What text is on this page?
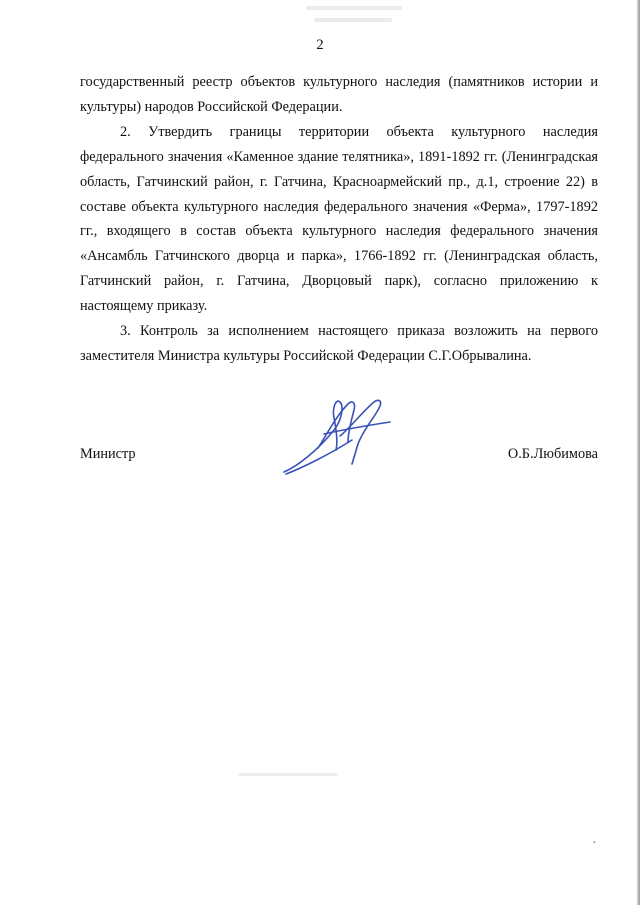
2

государственный реестр объектов культурного наследия (памятников истории и культуры) народов Российской Федерации.

2. Утвердить границы территории объекта культурного наследия федерального значения «Каменное здание телятника», 1891-1892 гг. (Ленинградская область, Гатчинский район, г. Гатчина, Красноармейский пр., д.1, строение 22) в составе объекта культурного наследия федерального значения «Ферма», 1797-1892 гг., входящего в состав объекта культурного наследия федерального значения «Ансамбль Гатчинского дворца и парка», 1766-1892 гг. (Ленинградская область, Гатчинский район, г. Гатчина, Дворцовый парк), согласно приложению к настоящему приказу.

3. Контроль за исполнением настоящего приказа возложить на первого заместителя Министра культуры Российской Федерации С.Г.Обрывалина.

Министр	О.Б.Любимова
•
